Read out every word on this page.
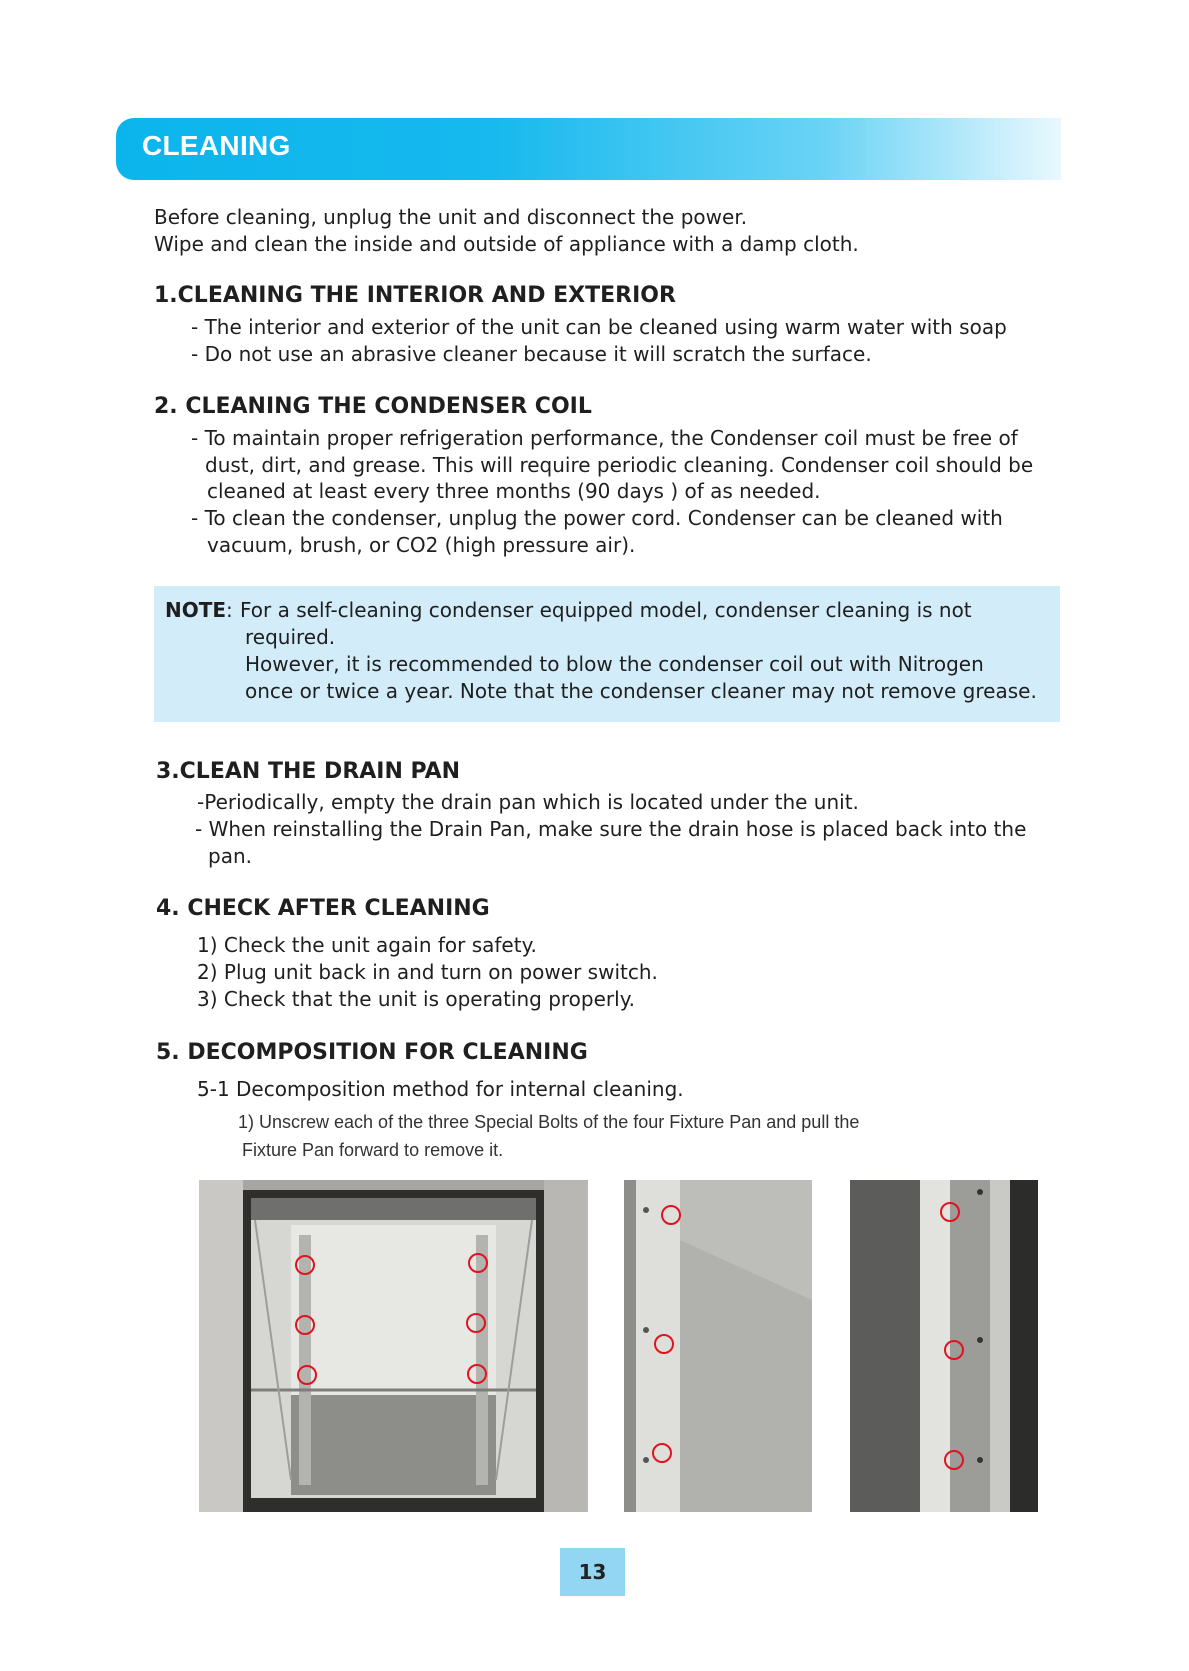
CLEANING
Before cleaning, unplug the unit and disconnect the power.
Wipe and clean the inside and outside of appliance with a damp cloth.
1.CLEANING THE INTERIOR AND EXTERIOR
- The interior and exterior of the unit can be cleaned using warm water with soap
- Do not use an abrasive cleaner because it will scratch the surface.
2. CLEANING THE CONDENSER COIL
- To maintain proper refrigeration performance, the Condenser coil must be free of
dust, dirt, and grease. This will require periodic cleaning. Condenser coil should be
cleaned at least every three months (90 days ) of as needed.
- To clean the condenser, unplug the power cord. Condenser can be cleaned with
vacuum, brush, or CO2 (high pressure air).
NOTE : For a self-cleaning condenser equipped model, condenser cleaning is not
required.
However, it is recommended to blow the condenser coil out with Nitrogen
once or twice a year. Note that the condenser cleaner may not remove grease.
3.CLEAN THE DRAIN PAN
-Periodically, empty the drain pan which is located under the unit.
- When reinstalling the Drain Pan, make sure the drain hose is placed back into the
pan.
4. CHECK AFTER CLEANING
1) Check the unit again for safety.
2) Plug unit back in and turn on power switch.
3) Check that the unit is operating properly.
5. DECOMPOSITION FOR CLEANING
5-1 Decomposition method for internal cleaning.
1) Unscrew each of the three Special Bolts of the four Fixture Pan and pull the
Fixture Pan forward to remove it.
13
